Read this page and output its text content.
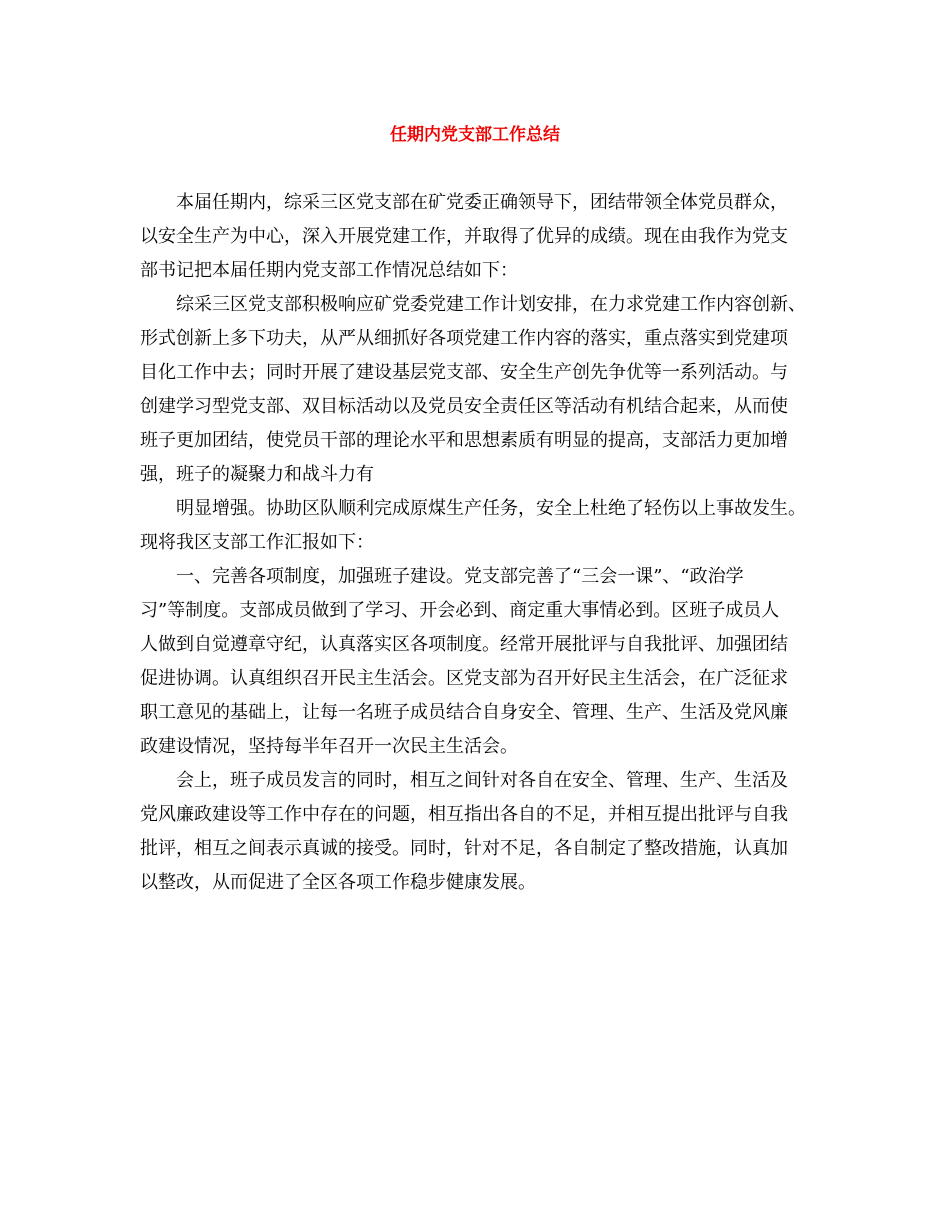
任期内党支部工作总结
本届任期内，综采三区党支部在矿党委正确领导下，团结带领全体党员群众，
以安全生产为中心，深入开展党建工作，并取得了优异的成绩。现在由我作为党支
部书记把本届任期内党支部工作情况总结如下：
综采三区党支部积极响应矿党委党建工作计划安排，在力求党建工作内容创新、
形式创新上多下功夫，从严从细抓好各项党建工作内容的落实，重点落实到党建项
目化工作中去；同时开展了建设基层党支部、安全生产创先争优等一系列活动。与
创建学习型党支部、双目标活动以及党员安全责任区等活动有机结合起来，从而使
班子更加团结，使党员干部的理论水平和思想素质有明显的提高，支部活力更加增
强，班子的凝聚力和战斗力有
明显增强。协助区队顺利完成原煤生产任务，安全上杜绝了轻伤以上事故发生。
现将我区支部工作汇报如下：
一、完善各项制度，加强班子建设。党支部完善了“三会一课”、“政治学
习”等制度。支部成员做到了学习、开会必到、商定重大事情必到。区班子成员人
人做到自觉遵章守纪，认真落实区各项制度。经常开展批评与自我批评、加强团结
促进协调。认真组织召开民主生活会。区党支部为召开好民主生活会，在广泛征求
职工意见的基础上，让每一名班子成员结合自身安全、管理、生产、生活及党风廉
政建设情况，坚持每半年召开一次民主生活会。
会上，班子成员发言的同时，相互之间针对各自在安全、管理、生产、生活及
党风廉政建设等工作中存在的问题，相互指出各自的不足，并相互提出批评与自我
批评，相互之间表示真诚的接受。同时，针对不足，各自制定了整改措施，认真加
以整改，从而促进了全区各项工作稳步健康发展。
